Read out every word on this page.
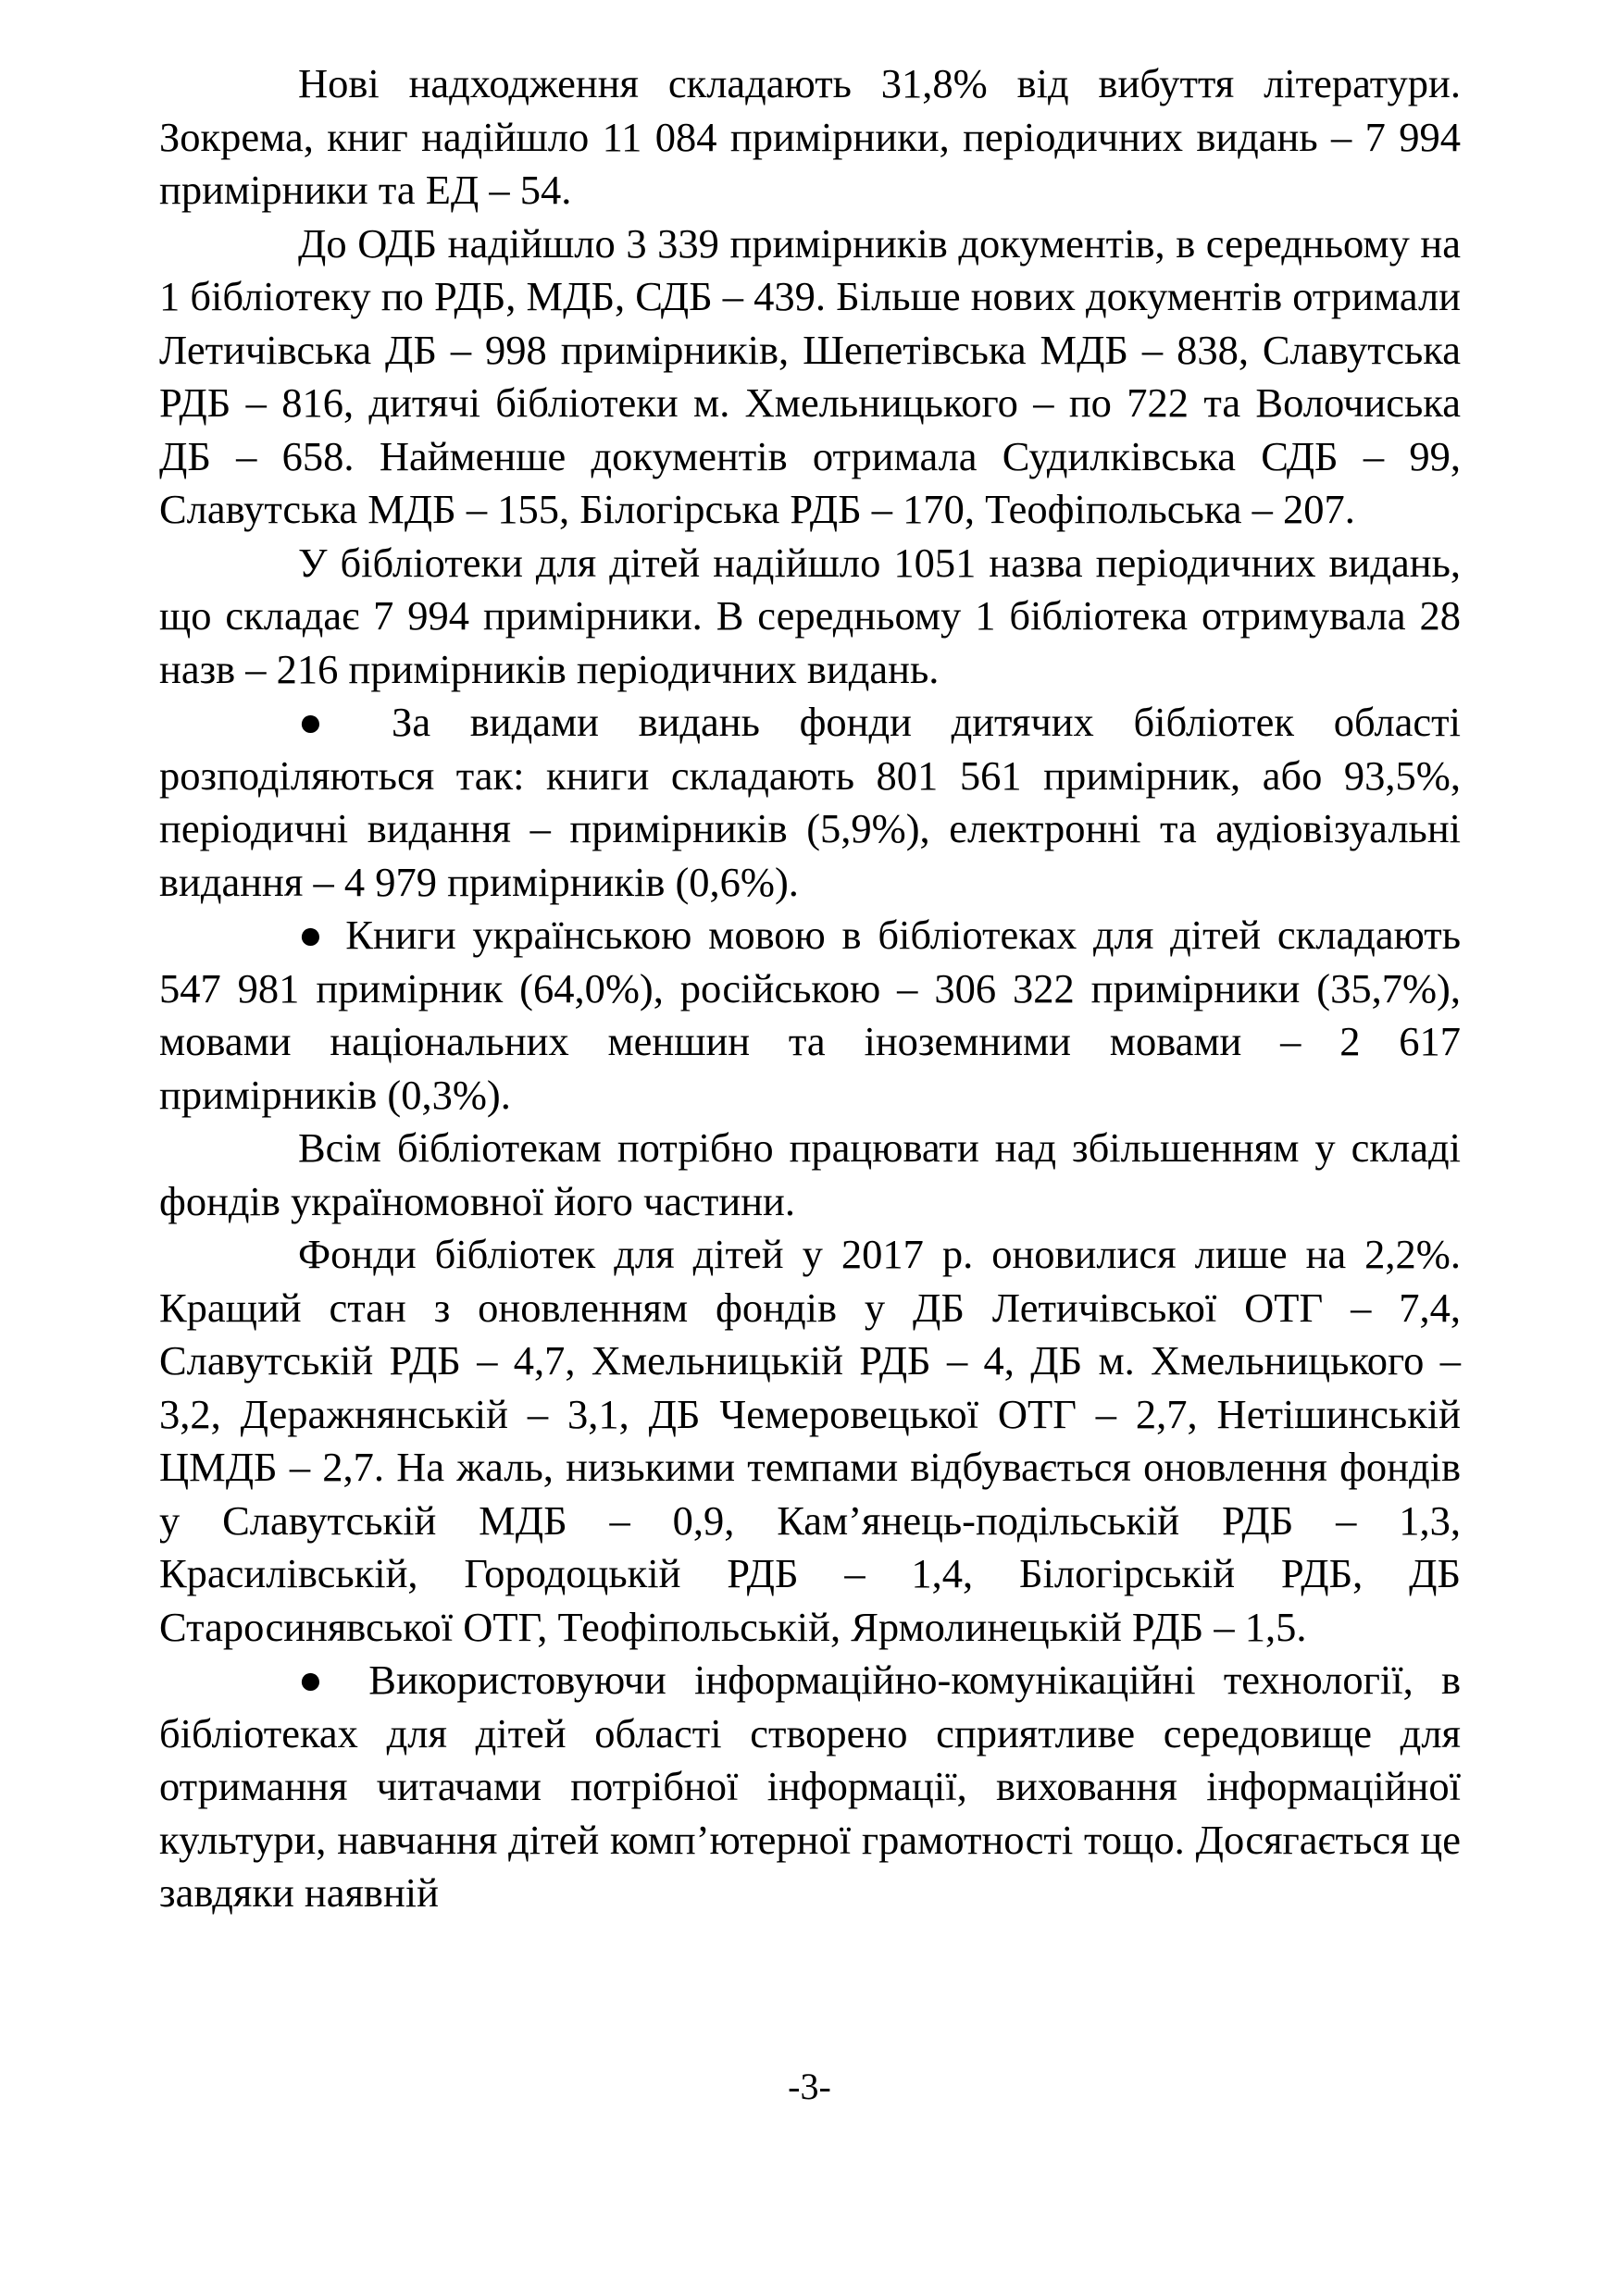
Нові надходження складають 31,8% від вибуття літератури. Зокрема, книг надійшло 11 084 примірники, періодичних видань – 7 994 примірники та ЕД – 54.

До ОДБ надійшло 3 339 примірників документів, в середньому на 1 бібліотеку по РДБ, МДБ, СДБ – 439. Більше нових документів отримали Летичівська ДБ – 998 примірників, Шепетівська МДБ – 838, Славутська РДБ – 816, дитячі бібліотеки м. Хмельницького – по 722 та Волочиська ДБ – 658. Найменше документів отримала Судилківська СДБ – 99, Славутська МДБ – 155, Білогірська РДБ – 170, Теофіпольська – 207.

У бібліотеки для дітей надійшло 1051 назва періодичних видань, що складає 7 994 примірники. В середньому 1 бібліотека отримувала 28 назв – 216 примірників періодичних видань.

● За видами видань фонди дитячих бібліотек області розподіляються так: книги складають 801 561 примірник, або 93,5%, періодичні видання – примірників (5,9%), електронні та аудіовізуальні видання – 4 979 примірників (0,6%).

● Книги українською мовою в бібліотеках для дітей складають 547 981 примірник (64,0%), російською – 306 322 примірники (35,7%), мовами національних меншин та іноземними мовами – 2 617 примірників (0,3%).

Всім бібліотекам потрібно працювати над збільшенням у складі фондів україномовної його частини.

Фонди бібліотек для дітей у 2017 р. оновилися лише на 2,2%. Кращий стан з оновленням фондів у ДБ Летичівської ОТГ – 7,4, Славутській РДБ – 4,7, Хмельницькій РДБ – 4, ДБ м. Хмельницького – 3,2, Деражнянській – 3,1, ДБ Чемеровецької ОТГ – 2,7, Нетішинській ЦМДБ – 2,7. На жаль, низькими темпами відбувається оновлення фондів у Славутській МДБ – 0,9, Кам’янець-подільській РДБ – 1,3, Красилівській, Городоцькій РДБ – 1,4, Білогірській РДБ, ДБ Старосинявської ОТГ, Теофіпольській, Ярмолинецькій РДБ – 1,5.

● Використовуючи інформаційно-комунікаційні технології, в бібліотеках для дітей області створено сприятливе середовище для отримання читачами потрібної інформації, виховання інформаційної культури, навчання дітей комп’ютерної грамотності тощо. Досягається це завдяки наявній

-3-
